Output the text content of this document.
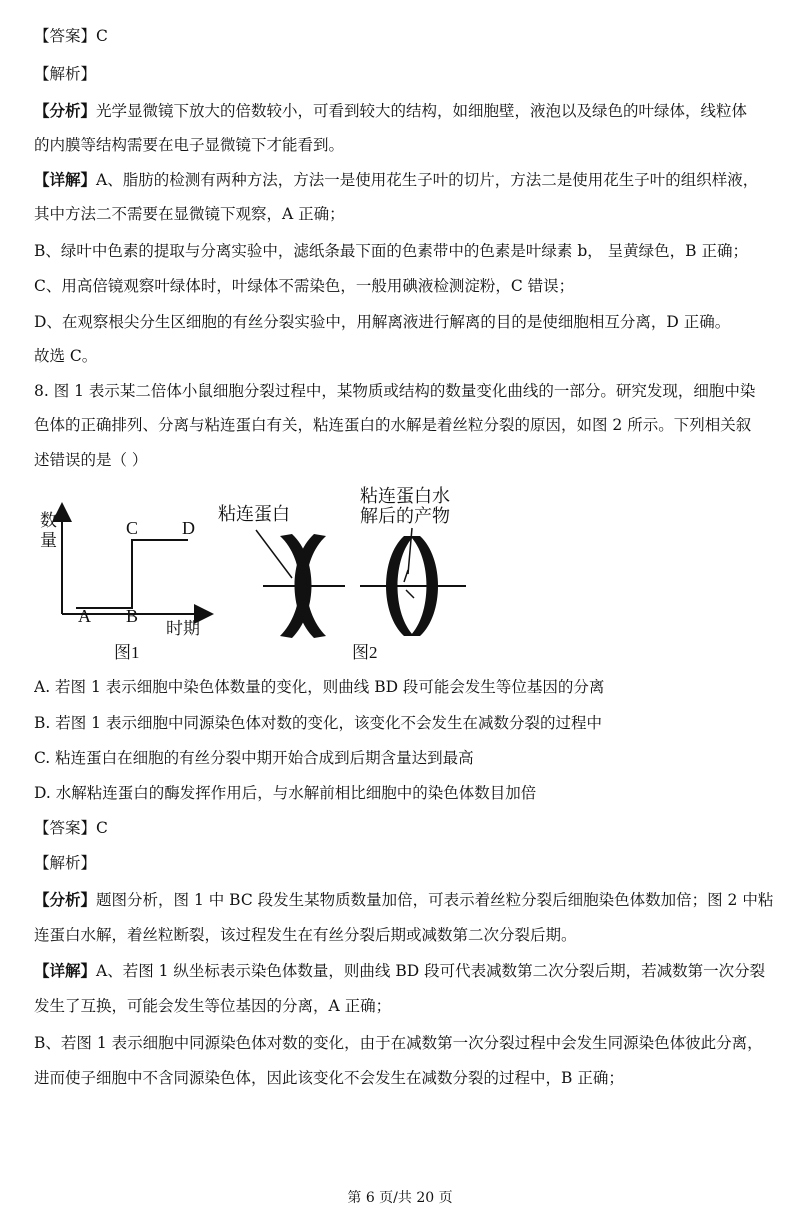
【答案】C
【解析】
【分析】光学显微镜下放大的倍数较小，可看到较大的结构，如细胞壁，液泡以及绿色的叶绿体，线粒体
的内膜等结构需要在电子显微镜下才能看到。
【详解】A、脂肪的检测有两种方法，方法一是使用花生子叶的切片，方法二是使用花生子叶的组织样液，
其中方法二不需要在显微镜下观察，A 正确；
B、绿叶中色素的提取与分离实验中，滤纸条最下面的色素带中的色素是叶绿素 b， 呈黄绿色，B 正确；
C、用高倍镜观察叶绿体时，叶绿体不需染色，一般用碘液检测淀粉，C 错误；
D、在观察根尖分生区细胞的有丝分裂实验中，用解离液进行解离的目的是使细胞相互分离，D 正确。
故选 C。
8. 图 1 表示某二倍体小鼠细胞分裂过程中，某物质或结构的数量变化曲线的一部分。研究发现，细胞中染
色体的正确排列、分离与粘连蛋白有关，粘连蛋白的水解是着丝粒分裂的原因，如图 2 所示。下列相关叙
述错误的是（ ）
数量
时期
A B
C D
图1
粘连蛋白
粘连蛋白水
解后的产物
图2
A. 若图 1 表示细胞中染色体数量的变化，则曲线 BD 段可能会发生等位基因的分离
B. 若图 1 表示细胞中同源染色体对数的变化，该变化不会发生在减数分裂的过程中
C. 粘连蛋白在细胞的有丝分裂中期开始合成到后期含量达到最高
D. 水解粘连蛋白的酶发挥作用后，与水解前相比细胞中的染色体数目加倍
【答案】C
【解析】
【分析】题图分析，图 1 中 BC 段发生某物质数量加倍，可表示着丝粒分裂后细胞染色体数加倍；图 2 中粘
连蛋白水解，着丝粒断裂，该过程发生在有丝分裂后期或减数第二次分裂后期。
【详解】A、若图 1 纵坐标表示染色体数量，则曲线 BD 段可代表减数第二次分裂后期，若减数第一次分裂
发生了互换，可能会发生等位基因的分离，A 正确；
B、若图 1 表示细胞中同源染色体对数的变化，由于在减数第一次分裂过程中会发生同源染色体彼此分离，
进而使子细胞中不含同源染色体，因此该变化不会发生在减数分裂的过程中，B 正确；
第 6 页/共 20 页
